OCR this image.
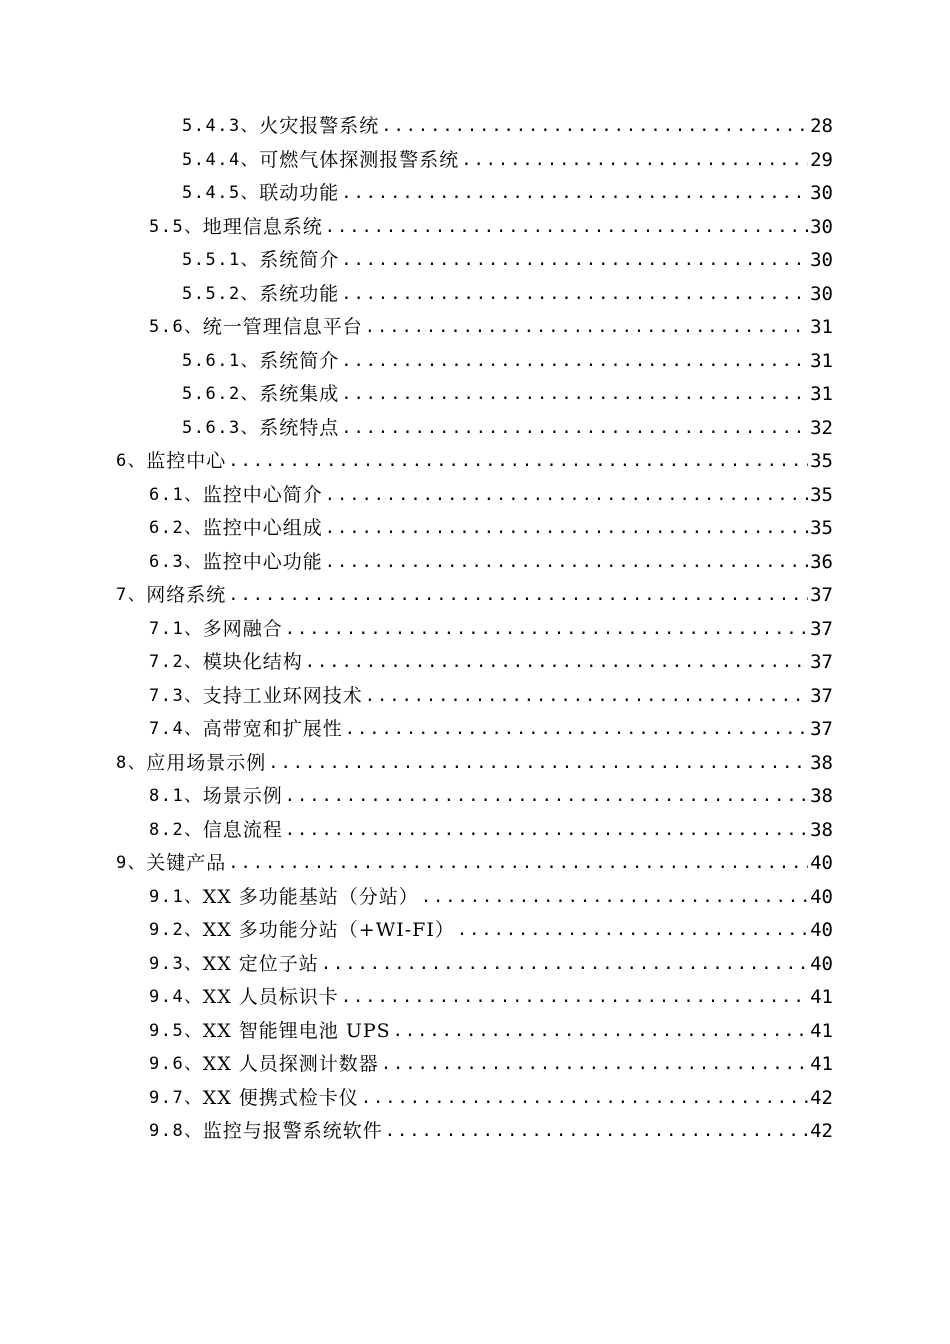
5.4.3、 火灾报警系统 .....	28
5.4.4、 可燃气体探测报警系统 .....	29
5.4.5、 联动功能 .....	30
5.5、 地理信息系统 .....	30
5.5.1、 系统简介 .....	30
5.5.2、 系统功能 .....	30
5.6、 统一管理信息平台 .....	31
5.6.1、 系统简介 .....	31
5.6.2、 系统集成 .....	31
5.6.3、 系统特点 .....	32
6、 监控中心 .....	35
6.1、 监控中心简介 .....	35
6.2、 监控中心组成 .....	35
6.3、 监控中心功能 .....	36
7、 网络系统 .....	37
7.1、 多网融合 .....	37
7.2、 模块化结构 .....	37
7.3、 支持工业环网技术 .....	37
7.4、 高带宽和扩展性 .....	37
8、 应用场景示例 .....	38
8.1、 场景示例 .....	38
8.2、 信息流程 .....	38
9、 关键产品 .....	40
9.1、 XX 多功能基站（分站） .....	40
9.2、 XX 多功能分站（+WI-FI） .....	40
9.3、 XX 定位子站 .....	40
9.4、 XX 人员标识卡 .....	41
9.5、 XX 智能锂电池 UPS .....	41
9.6、 XX 人员探测计数器 .....	41
9.7、 XX 便携式检卡仪 .....	42
9.8、 监控与报警系统软件 .....	42
